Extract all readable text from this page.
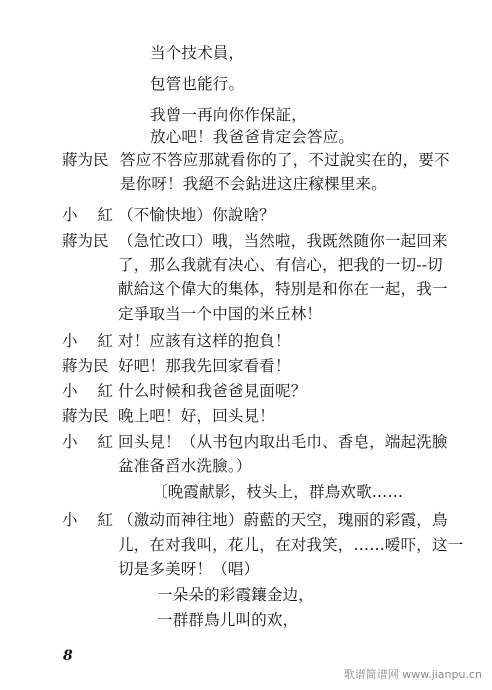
当个技术員，
包管也能行。
我曾一再向你作保証，
放心吧！我爸爸肯定会答应。
蔣为民 答应不答应那就看你的了，不过說实在的，要不
是你呀！我絕不会鉆进这庄稼棵里来。
小 紅 （不愉快地）你說啥？
蔣为民 （急忙改口）哦，当然啦，我既然随你一起回来
了，那么我就有决心、有信心，把我的一切--切
献給这个偉大的集体，特別是和你在一起，我一
定爭取当一个中国的米丘林！
小 紅 对！应該有这样的抱負！
蔣为民 好吧！那我先回家看看！
小 紅 什么时候和我爸爸見面呢？
蔣为民 晚上吧！好，回头見！
小 紅 回头見！（从书包内取出毛巾、香皂，端起洗臉
盆准备舀水洗臉。）
〔晚霞献影，枝头上，群鳥欢歌……
小 紅 （激动而神往地）蔚藍的天空，瑰丽的彩霞，鳥
儿，在对我叫，花儿，在对我笑，……嗳吓，这一
切是多美呀！（唱）
一朵朵的彩霞鑲金边，
一群群鳥儿叫的欢，
8
歌谱简谱网 www.jianpu.cn
